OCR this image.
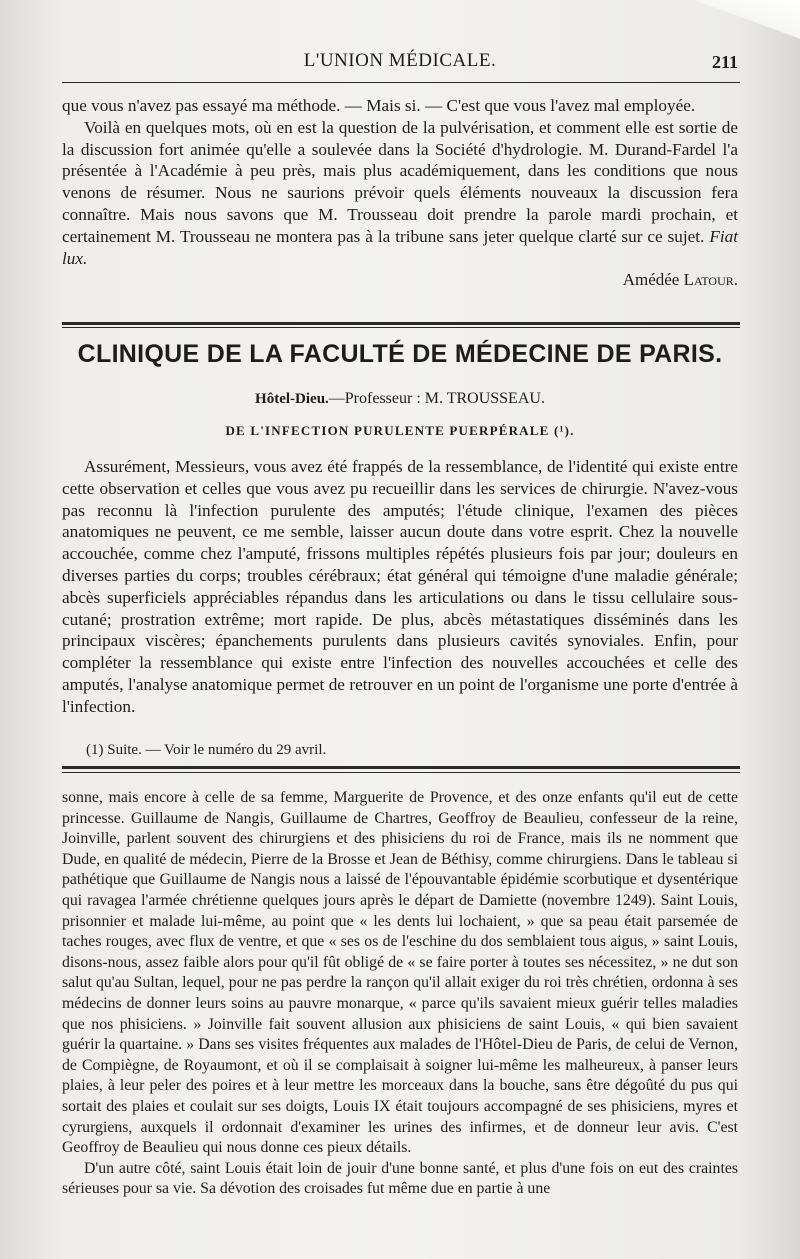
L'UNION MÉDICALE.	211

que vous n'avez pas essayé ma méthode. — Mais si. — C'est que vous l'avez mal employée.

Voilà en quelques mots, où en est la question de la pulvérisation, et comment elle est sortie de la discussion fort animée qu'elle a soulevée dans la Société d'hydrologie. M. Durand-Fardel l'a présentée à l'Académie à peu près, mais plus académiquement, dans les conditions que nous venons de résumer. Nous ne saurions prévoir quels éléments nouveaux la discussion fera connaître. Mais nous savons que M. Trousseau doit prendre la parole mardi prochain, et certainement M. Trousseau ne montera pas à la tribune sans jeter quelque clarté sur ce sujet. Fiat lux.

Amédée Latour.

CLINIQUE DE LA FACULTÉ DE MÉDECINE DE PARIS.
Hôtel-Dieu.—Professeur : M. TROUSSEAU.
DE L'INFECTION PURULENTE PUERPÉRALE (¹).

Assurément, Messieurs, vous avez été frappés de la ressemblance, de l'identité qui existe entre cette observation et celles que vous avez pu recueillir dans les services de chirurgie. N'avez-vous pas reconnu là l'infection purulente des amputés; l'étude clinique, l'examen des pièces anatomiques ne peuvent, ce me semble, laisser aucun doute dans votre esprit. Chez la nouvelle accouchée, comme chez l'amputé, frissons multiples répétés plusieurs fois par jour; douleurs en diverses parties du corps; troubles cérébraux; état général qui témoigne d'une maladie générale; abcès superficiels appréciables répandus dans les articulations ou dans le tissu cellulaire sous-cutané; prostration extrême; mort rapide. De plus, abcès métastatiques disséminés dans les principaux viscères; épanchements purulents dans plusieurs cavités synoviales. Enfin, pour compléter la ressemblance qui existe entre l'infection des nouvelles accouchées et celle des amputés, l'analyse anatomique permet de retrouver en un point de l'organisme une porte d'entrée à l'infection.

(1) Suite. — Voir le numéro du 29 avril.

sonne, mais encore à celle de sa femme, Marguerite de Provence, et des onze enfants qu'il eut de cette princesse. Guillaume de Nangis, Guillaume de Chartres, Geoffroy de Beaulieu, confesseur de la reine, Joinville, parlent souvent des chirurgiens et des phisiciens du roi de France, mais ils ne nomment que Dude, en qualité de médecin, Pierre de la Brosse et Jean de Béthisy, comme chirurgiens. Dans le tableau si pathétique que Guillaume de Nangis nous a laissé de l'épouvantable épidémie scorbutique et dysentérique qui ravagea l'armée chrétienne quelques jours après le départ de Damiette (novembre 1249). Saint Louis, prisonnier et malade lui-même, au point que « les dents lui lochaient, » que sa peau était parsemée de taches rouges, avec flux de ventre, et que « ses os de l'eschine du dos semblaient tous aigus, » saint Louis, disons-nous, assez faible alors pour qu'il fût obligé de « se faire porter à toutes ses nécessitez, » ne dut son salut qu'au Sultan, lequel, pour ne pas perdre la rançon qu'il allait exiger du roi très chrétien, ordonna à ses médecins de donner leurs soins au pauvre monarque, « parce qu'ils savaient mieux guérir telles maladies que nos phisiciens. » Joinville fait souvent allusion aux phisiciens de saint Louis, « qui bien savaient guérir la quartaine. » Dans ses visites fréquentes aux malades de l'Hôtel-Dieu de Paris, de celui de Vernon, de Compiègne, de Royaumont, et où il se complaisait à soigner lui-même les malheureux, à panser leurs plaies, à leur peler des poires et à leur mettre les morceaux dans la bouche, sans être dégoûté du pus qui sortait des plaies et coulait sur ses doigts, Louis IX était toujours accompagné de ses phisiciens, myres et cyrurgiens, auxquels il ordonnait d'examiner les urines des infirmes, et de donneur leur avis. C'est Geoffroy de Beaulieu qui nous donne ces pieux détails.

D'un autre côté, saint Louis était loin de jouir d'une bonne santé, et plus d'une fois on eut des craintes sérieuses pour sa vie. Sa dévotion des croisades fut même due en partie à une
